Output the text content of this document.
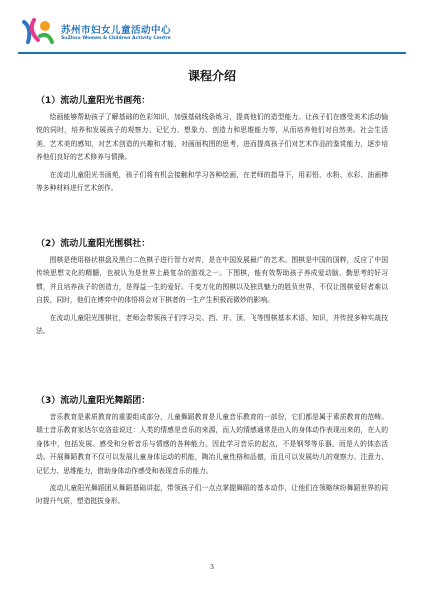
苏州市妇女儿童活动中心
SuZhou Women & Children Activity Centre
课程介绍
（1）流动儿童阳光书画苑：

绘画能够帮助孩子了解基础的色彩知识，加强基础线条练习，提高他们的造型能力。让孩子们在感受美术活动愉悦的同时，培养和发展孩子的观察力、记忆力、想象力、创造力和思维能力等，从而培养他们对自然美、社会生活美、艺术美的感知，对艺术创造的兴趣和才能，对画面构图的思考，进而提高孩子们对艺术作品的鉴赏能力，逐步培养他们良好的艺术修养与情操。

在流动儿童阳光书画苑，孩子们将有机会接触和学习各种绘画，在老师的指导下，用彩铅、水粉、水彩、油画棒等多种材料进行艺术创作。

（2）流动儿童阳光围棋社：

围棋是使用格状棋盘及黑白二色棋子进行智力对弈，是在中国发展最广的艺术。围棋是中国的国粹，反应了中国传统思想文化的精髓，也被认为是世界上最复杂的游戏之一。下围棋，能有效帮助孩子养成爱动脑、勤思考的好习惯，并且培养孩子的创造力，是得益一生的爱好。千变万化的围棋以及独具魅力的胜负世界，不仅让围棋爱好者难以自拔，同时，他们在博弈中的体悟将会对下棋者的一生产生积极而微妙的影响。

在流动儿童阳光围棋社，老师会带领孩子们学习尖、挡、并、顶、飞等围棋基本术语、知识，并传授多种实战技法。

（3）流动儿童阳光舞蹈团：

音乐教育是素质教育的重要组成部分，儿童舞蹈教育是儿童音乐教育的一部份，它们都是属于素质教育的范畴。瑞士音乐教育家达尔克洛兹说过：人类的情感是音乐的来源，而人的情感通常是由人的身体动作表现出来的，在人的身体中，包括发展、感受和分析音乐与情感的各种能力。因此学习音乐的起点，不是钢琴等乐器，而是人的体态活动。开展舞蹈教育不仅可以发展儿童身体运动的机能，陶冶儿童性格和品德，而且可以发展幼儿的观察力、注意力、记忆力、思维能力，借助身体动作感受和表现音乐的能力。

流动儿童阳光舞蹈团从舞蹈基础讲起，带领孩子们一点点掌握舞蹈的基本动作，让他们在领略缤纷舞蹈世界的同时提升气质，塑造挺拔身形。

3
